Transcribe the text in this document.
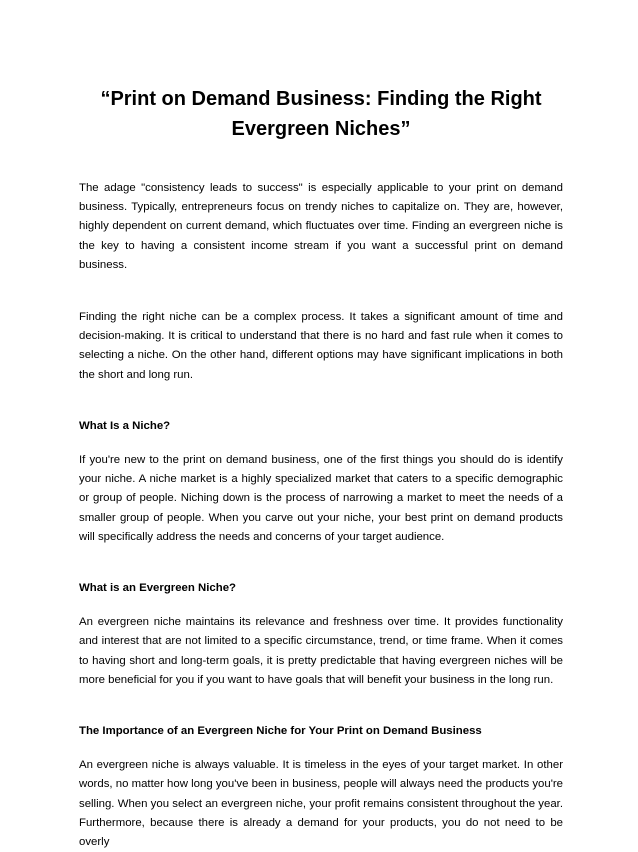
“Print on Demand Business: Finding the Right Evergreen Niches”

The adage "consistency leads to success" is especially applicable to your print on demand business. Typically, entrepreneurs focus on trendy niches to capitalize on. They are, however, highly dependent on current demand, which fluctuates over time. Finding an evergreen niche is the key to having a consistent income stream if you want a successful print on demand business.

Finding the right niche can be a complex process. It takes a significant amount of time and decision-making. It is critical to understand that there is no hard and fast rule when it comes to selecting a niche. On the other hand, different options may have significant implications in both the short and long run.

What Is a Niche?

If you're new to the print on demand business, one of the first things you should do is identify your niche. A niche market is a highly specialized market that caters to a specific demographic or group of people. Niching down is the process of narrowing a market to meet the needs of a smaller group of people. When you carve out your niche, your best print on demand products will specifically address the needs and concerns of your target audience.

What is an Evergreen Niche?

An evergreen niche maintains its relevance and freshness over time. It provides functionality and interest that are not limited to a specific circumstance, trend, or time frame. When it comes to having short and long-term goals, it is pretty predictable that having evergreen niches will be more beneficial for you if you want to have goals that will benefit your business in the long run.

The Importance of an Evergreen Niche for Your Print on Demand Business

An evergreen niche is always valuable. It is timeless in the eyes of your target market. In other words, no matter how long you've been in business, people will always need the products you're selling. When you select an evergreen niche, your profit remains consistent throughout the year. Furthermore, because there is already a demand for your products, you do not need to be overly
